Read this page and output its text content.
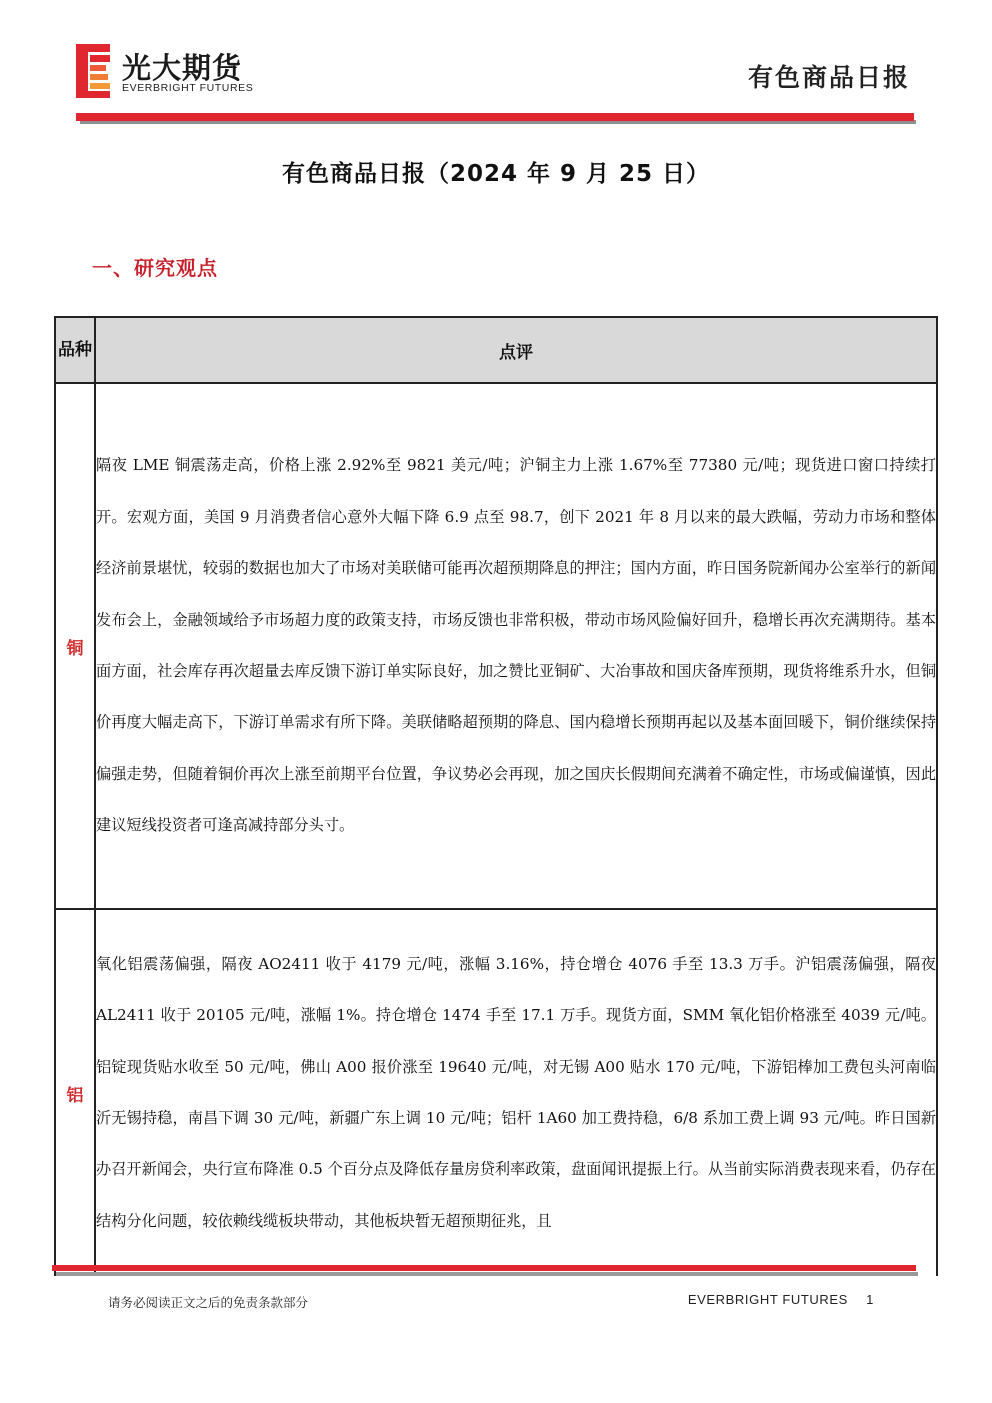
光大期货
EVERBRIGHT FUTURES	有色商品日报
有色商品日报（2024 年 9 月 25 日）
一、研究观点
品种	点评

铜	隔夜 LME 铜震荡走高，价格上涨 2.92%至 9821 美元/吨；沪铜主力上涨 1.67%至 77380 元/吨；现货进口窗口持续打开。宏观方面，美国 9 月消费者信心意外大幅下降 6.9 点至 98.7，创下 2021 年 8 月以来的最大跌幅，劳动力市场和整体经济前景堪忧，较弱的数据也加大了市场对美联储可能再次超预期降息的押注；国内方面，昨日国务院新闻办公室举行的新闻发布会上，金融领域给予市场超力度的政策支持，市场反馈也非常积极，带动市场风险偏好回升，稳增长再次充满期待。基本面方面，社会库存再次超量去库反馈下游订单实际良好，加之赞比亚铜矿、大冶事故和国庆备库预期，现货将维系升水，但铜价再度大幅走高下，下游订单需求有所下降。美联储略超预期的降息、国内稳增长预期再起以及基本面回暖下，铜价继续保持偏强走势，但随着铜价再次上涨至前期平台位置，争议势必会再现，加之国庆长假期间充满着不确定性，市场或偏谨慎，因此建议短线投资者可逢高减持部分头寸。

铝	氧化铝震荡偏强，隔夜 AO2411 收于 4179 元/吨，涨幅 3.16%，持仓增仓 4076 手至 13.3 万手。沪铝震荡偏强，隔夜 AL2411 收于 20105 元/吨，涨幅 1%。持仓增仓 1474 手至 17.1 万手。现货方面，SMM 氧化铝价格涨至 4039 元/吨。铝锭现货贴水收至 50 元/吨，佛山 A00 报价涨至 19640 元/吨，对无锡 A00 贴水 170 元/吨，下游铝棒加工费包头河南临沂无锡持稳，南昌下调 30 元/吨，新疆广东上调 10 元/吨；铝杆 1A60 加工费持稳，6/8 系加工费上调 93 元/吨。昨日国新办召开新闻会，央行宣布降准 0.5 个百分点及降低存量房贷利率政策，盘面闻讯提振上行。从当前实际消费表现来看，仍存在结构分化问题，较依赖线缆板块带动，其他板块暂无超预期征兆，且

请务必阅读正文之后的免责条款部分	EVERBRIGHT FUTURES 1
